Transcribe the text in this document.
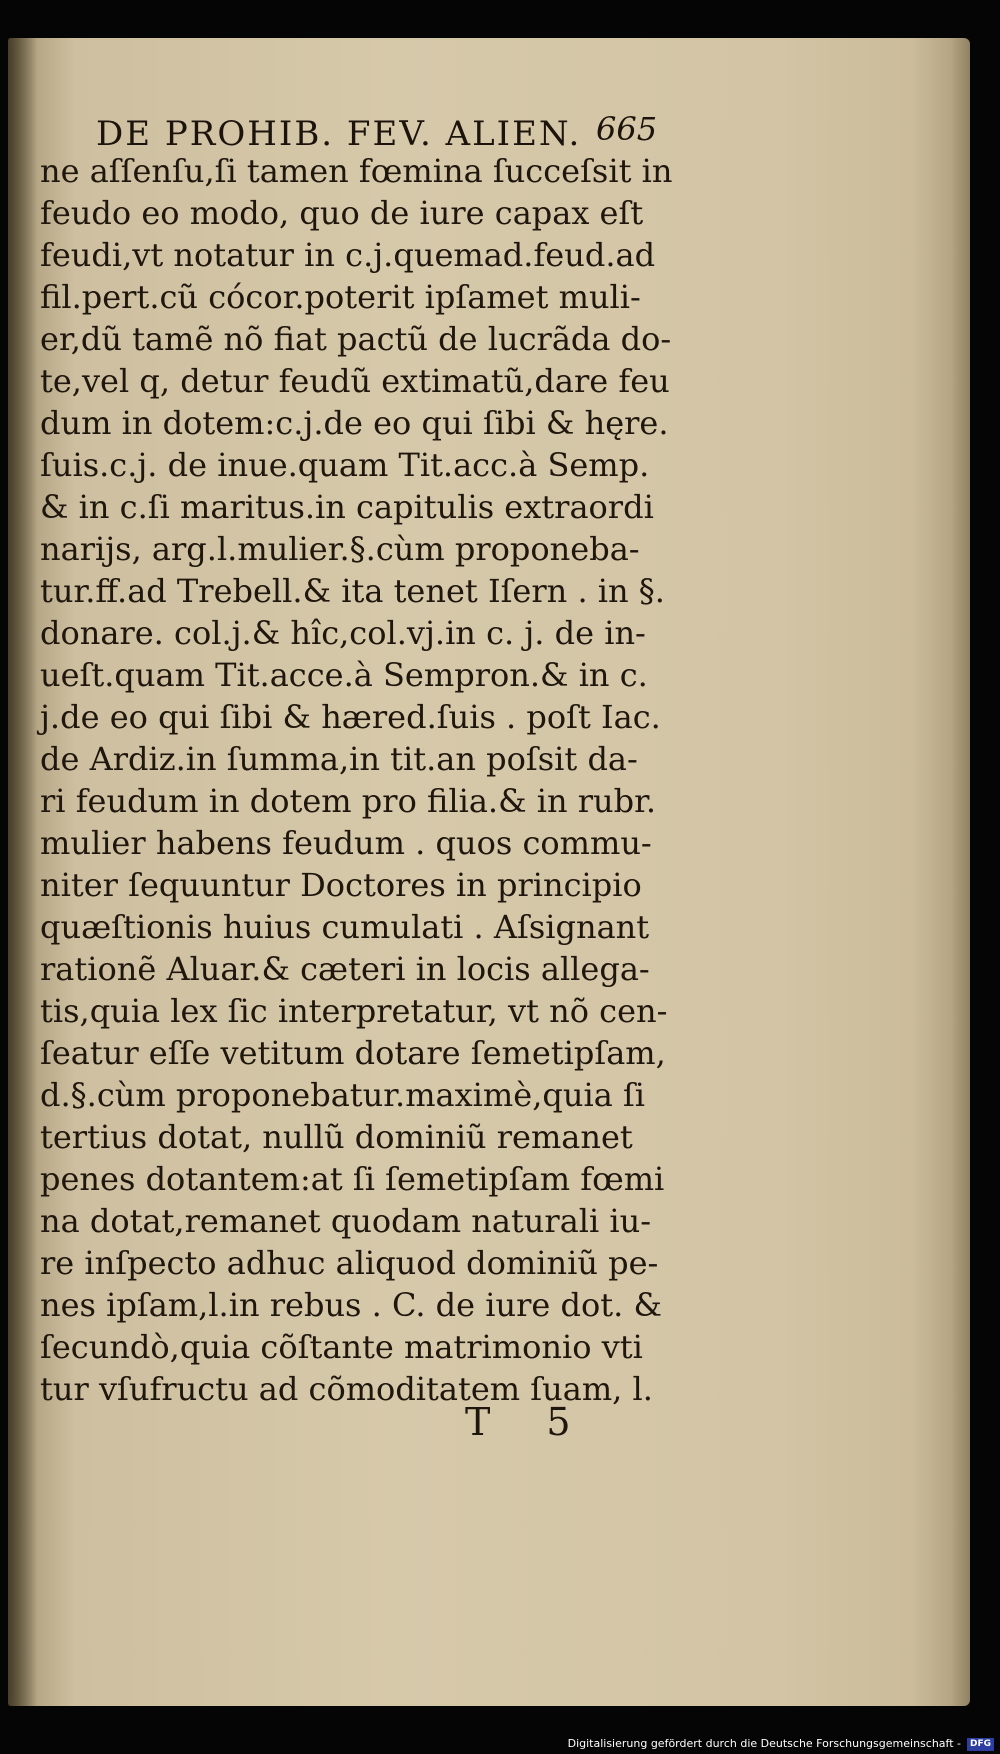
DE PROHIB. FEV. ALIEN. 665
ne aſſenſu,ſi tamen fœmina ſucceſsit in
feudo eo modo, quo de iure capax eſt
feudi,vt notatur in c.j.quemad.feud.ad
fil.pert.cũ cócor.poterit ipſamet muli-
er,dũ tamẽ nõ fiat pactũ de lucrãda do-
te,vel q, detur feudũ extimatũ,dare feu
dum in dotem:c.j.de eo qui ſibi & hęre.
ſuis.c.j. de inue.quam Tit.acc.à Semp.
& in c.ſi maritus.in capitulis extraordi
narijs, arg.l.mulier.§.cùm proponeba-
tur.ff.ad Trebell.& ita tenet Iſern . in §.
donare. col.j.& hîc,col.vj.in c. j. de in-
ueſt.quam Tit.acce.à Sempron.& in c.
j.de eo qui ſibi & hæred.ſuis . poſt Iac.
de Ardiz.in ſumma,in tit.an poſsit da-
ri feudum in dotem pro filia.& in rubr.
mulier habens feudum . quos commu-
niter ſequuntur Doctores in principio
quæſtionis huius cumulati . Aſsignant
rationẽ Aluar.& cæteri in locis allega-
tis,quia lex ſic interpretatur, vt nõ cen-
ſeatur eſſe vetitum dotare ſemetipſam,
d.§.cùm proponebatur.maximè,quia ſi
tertius dotat, nullũ dominiũ remanet
penes dotantem:at ſi ſemetipſam fœmi
na dotat,remanet quodam naturali iu-
re inſpecto adhuc aliquod dominiũ pe-
nes ipſam,l.in rebus . C. de iure dot. &
ſecundò,quia cõſtante matrimonio vti
tur vſufructu ad cõmoditatem ſuam, l.
T 5
Digitalisierung gefördert durch die Deutsche Forschungsgemeinschaft - DFG
